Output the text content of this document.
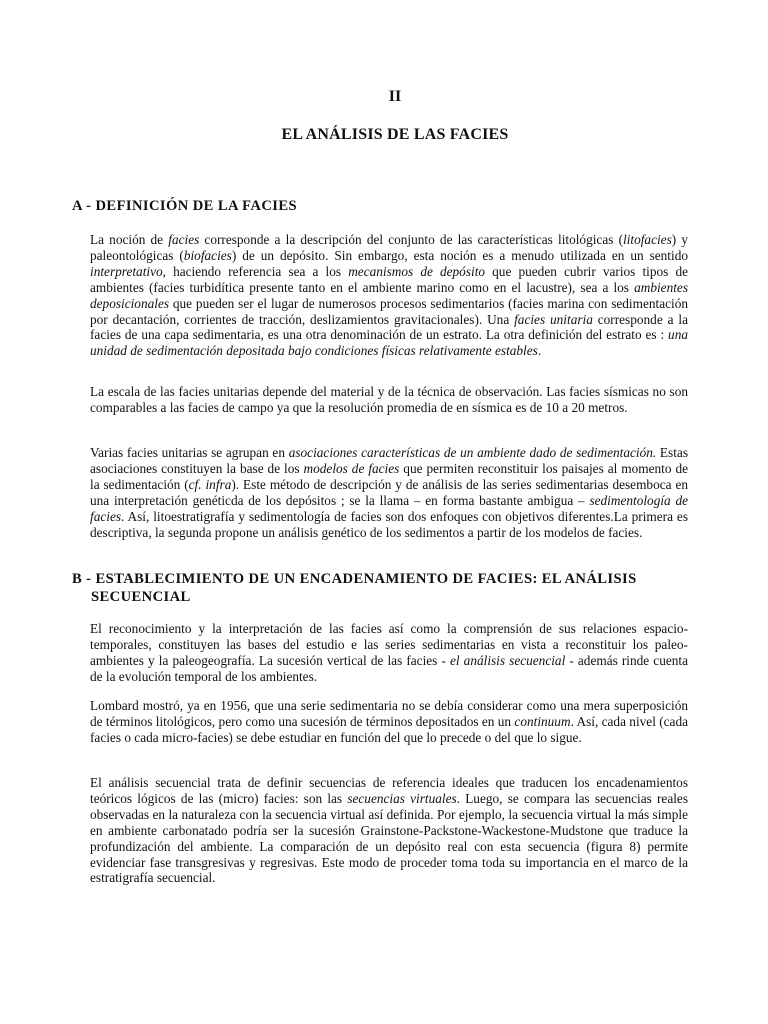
II
EL ANÁLISIS DE LAS FACIES
A - DEFINICIÓN DE LA FACIES

La noción de facies corresponde a la descripción del conjunto de las características litológicas (litofacies) y paleontológicas (biofacies) de un depósito. Sin embargo, esta noción es a menudo utilizada en un sentido interpretativo, haciendo referencia sea a los mecanismos de depósito que pueden cubrir varios tipos de ambientes (facies turbidítica presente tanto en el ambiente marino como en el lacustre), sea a los ambientes deposicionales que pueden ser el lugar de numerosos procesos sedimentarios (facies marina con sedimentación por decantación, corrientes de tracción, deslizamientos gravitacionales). Una facies unitaria corresponde a la facies de una capa sedimentaria, es una otra denominación de un estrato. La otra definición del estrato es : una unidad de sedimentación depositada bajo condiciones físicas relativamente estables.

La escala de las facies unitarias depende del material y de la técnica de observación. Las facies sísmicas no son comparables a las facies de campo ya que la resolución promedia de en sísmica es de 10 a 20 metros.

Varias facies unitarias se agrupan en asociaciones características de un ambiente dado de sedimentación. Estas asociaciones constituyen la base de los modelos de facies que permiten reconstituir los paisajes al momento de la sedimentación (cf. infra). Este método de descripción y de análisis de las series sedimentarias desemboca en una interpretación genéticda de los depósitos ; se la llama – en forma bastante ambigua – sedimentología de facies. Así, litoestratigrafía y sedimentología de facies son dos enfoques con objetivos diferentes.La primera es descriptiva, la segunda propone un análisis genético de los sedimentos a partir de los modelos de facies.

B - ESTABLECIMIENTO DE UN ENCADENAMIENTO DE FACIES: EL ANÁLISIS
SECUENCIAL

El reconocimiento y la interpretación de las facies así como la comprensión de sus relaciones espacio-temporales, constituyen las bases del estudio e las series sedimentarias en vista a reconstituir los paleo-ambientes y la paleogeografía. La sucesión vertical de las facies - el análisis secuencial - además rinde cuenta de la evolución temporal de los ambientes.

Lombard mostró, ya en 1956, que una serie sedimentaria no se debía considerar como una mera superposición de términos litológicos, pero como una sucesión de términos depositados en un continuum. Así, cada nivel (cada facies o cada micro-facies) se debe estudiar en función del que lo precede o del que lo sigue.

El análisis secuencial trata de definir secuencias de referencia ideales que traducen los encadenamientos teóricos lógicos de las (micro) facies: son las secuencias virtuales. Luego, se compara las secuencias reales observadas en la naturaleza con la secuencia virtual así definida. Por ejemplo, la secuencia virtual la más simple en ambiente carbonatado podría ser la sucesión Grainstone-Packstone-Wackestone-Mudstone que traduce la profundización del ambiente. La comparación de un depósito real con esta secuencia (figura 8) permite evidenciar fase transgresivas y regresivas. Este modo de proceder toma toda su importancia en el marco de la estratigrafía secuencial.
